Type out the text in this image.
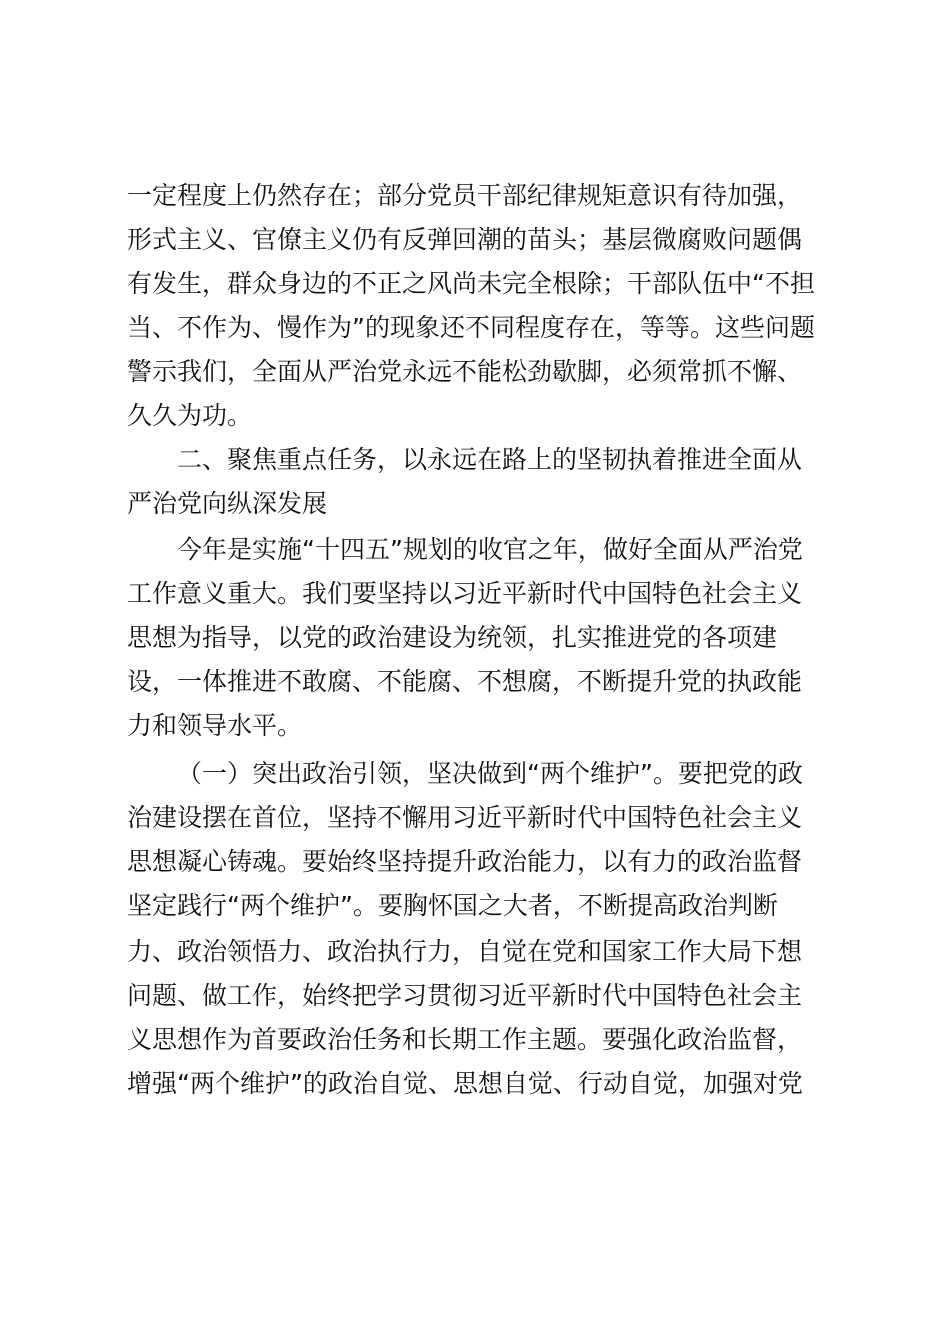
一定程度上仍然存在；部分党员干部纪律规矩意识有待加强，
形式主义、官僚主义仍有反弹回潮的苗头；基层微腐败问题偶
有发生，群众身边的不正之风尚未完全根除；干部队伍中“不担
当、不作为、慢作为”的现象还不同程度存在，等等。这些问题
警示我们，全面从严治党永远不能松劲歇脚，必须常抓不懈、
久久为功。
二、聚焦重点任务，以永远在路上的坚韧执着推进全面从
严治党向纵深发展
今年是实施“十四五”规划的收官之年，做好全面从严治党
工作意义重大。我们要坚持以习近平新时代中国特色社会主义
思想为指导，以党的政治建设为统领，扎实推进党的各项建
设，一体推进不敢腐、不能腐、不想腐，不断提升党的执政能
力和领导水平。
（一）突出政治引领，坚决做到“两个维护”。要把党的政
治建设摆在首位，坚持不懈用习近平新时代中国特色社会主义
思想凝心铸魂。要始终坚持提升政治能力，以有力的政治监督
坚定践行“两个维护”。要胸怀国之大者，不断提高政治判断
力、政治领悟力、政治执行力，自觉在党和国家工作大局下想
问题、做工作，始终把学习贯彻习近平新时代中国特色社会主
义思想作为首要政治任务和长期工作主题。要强化政治监督，
增强“两个维护”的政治自觉、思想自觉、行动自觉，加强对党
